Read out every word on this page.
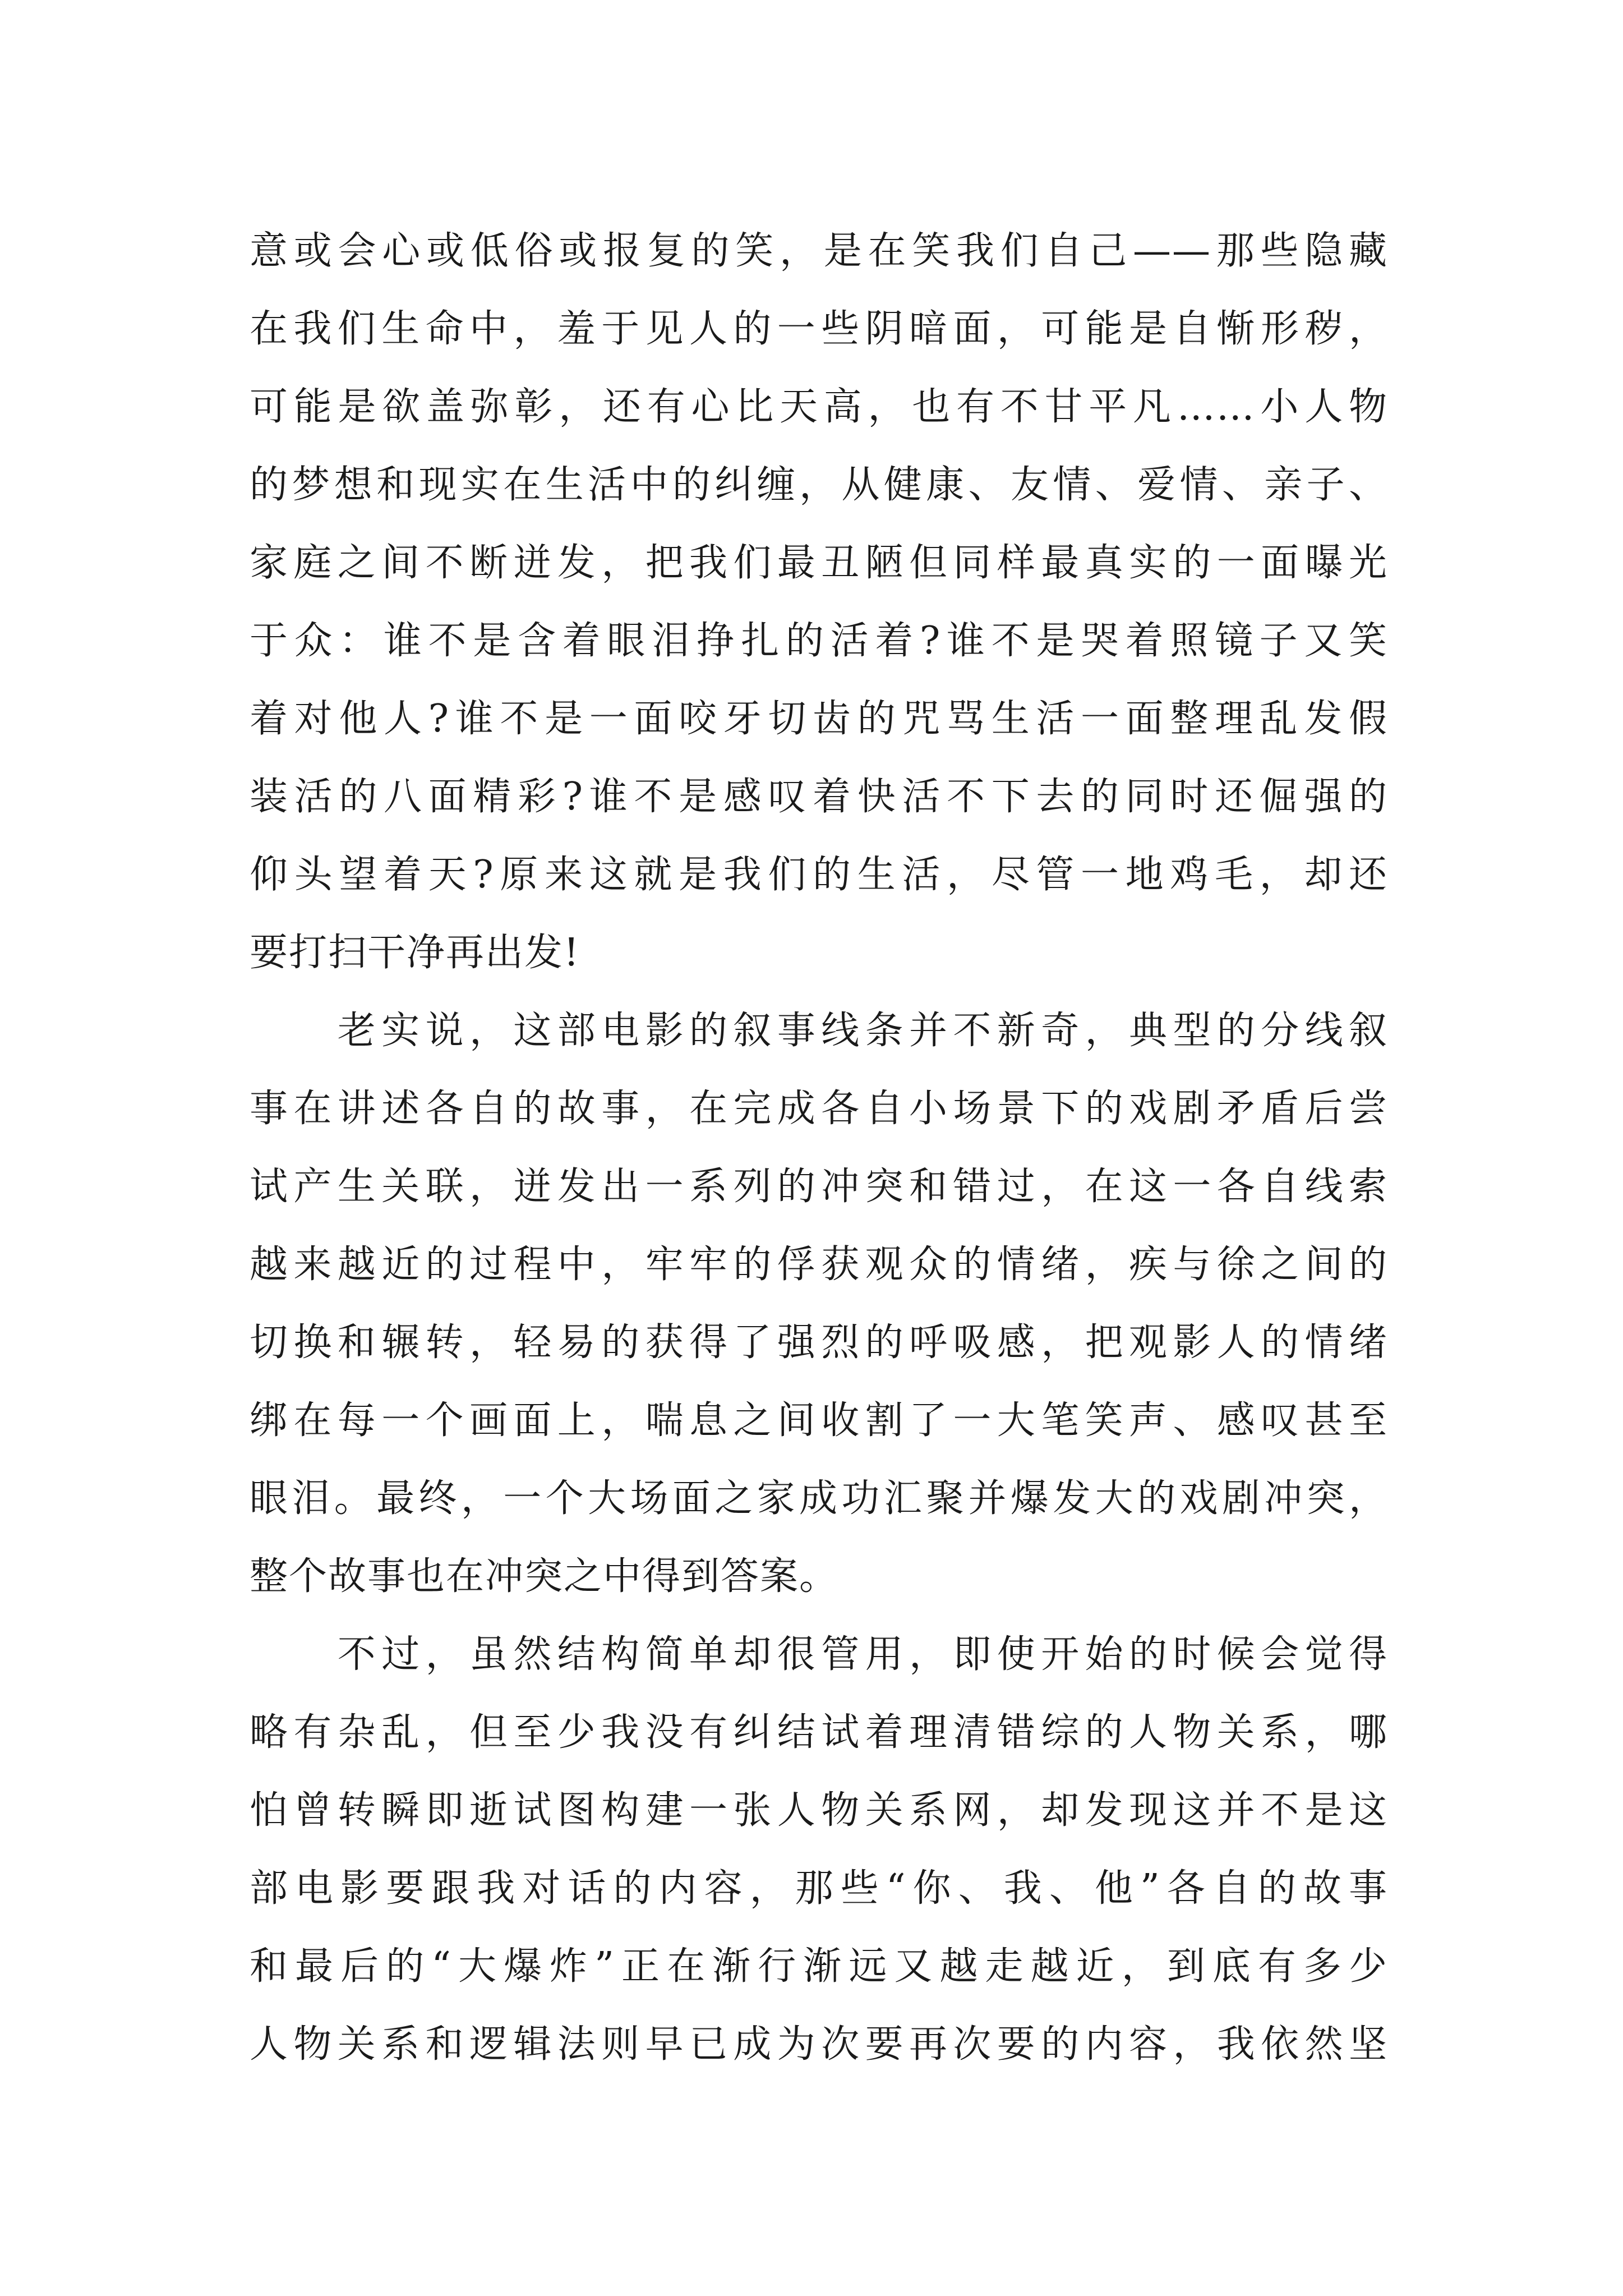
意或会心或低俗或报复的笑，是在笑我们自己——那些隐藏
在我们生命中，羞于见人的一些阴暗面，可能是自惭形秽，
可能是欲盖弥彰，还有心比天高，也有不甘平凡……小人物
的梦想和现实在生活中的纠缠，从健康、友情、爱情、亲子、
家庭之间不断迸发，把我们最丑陋但同样最真实的一面曝光
于众：谁不是含着眼泪挣扎的活着?谁不是哭着照镜子又笑
着对他人?谁不是一面咬牙切齿的咒骂生活一面整理乱发假
装活的八面精彩?谁不是感叹着快活不下去的同时还倔强的
仰头望着天?原来这就是我们的生活，尽管一地鸡毛，却还
要打扫干净再出发!
　　老实说，这部电影的叙事线条并不新奇，典型的分线叙
事在讲述各自的故事，在完成各自小场景下的戏剧矛盾后尝
试产生关联，迸发出一系列的冲突和错过，在这一各自线索
越来越近的过程中，牢牢的俘获观众的情绪，疾与徐之间的
切换和辗转，轻易的获得了强烈的呼吸感，把观影人的情绪
绑在每一个画面上，喘息之间收割了一大笔笑声、感叹甚至
眼泪。最终，一个大场面之家成功汇聚并爆发大的戏剧冲突，
整个故事也在冲突之中得到答案。
　　不过，虽然结构简单却很管用，即使开始的时候会觉得
略有杂乱，但至少我没有纠结试着理清错综的人物关系，哪
怕曾转瞬即逝试图构建一张人物关系网，却发现这并不是这
部电影要跟我对话的内容，那些“你、我、他”各自的故事
和最后的“大爆炸”正在渐行渐远又越走越近，到底有多少
人物关系和逻辑法则早已成为次要再次要的内容，我依然坚
